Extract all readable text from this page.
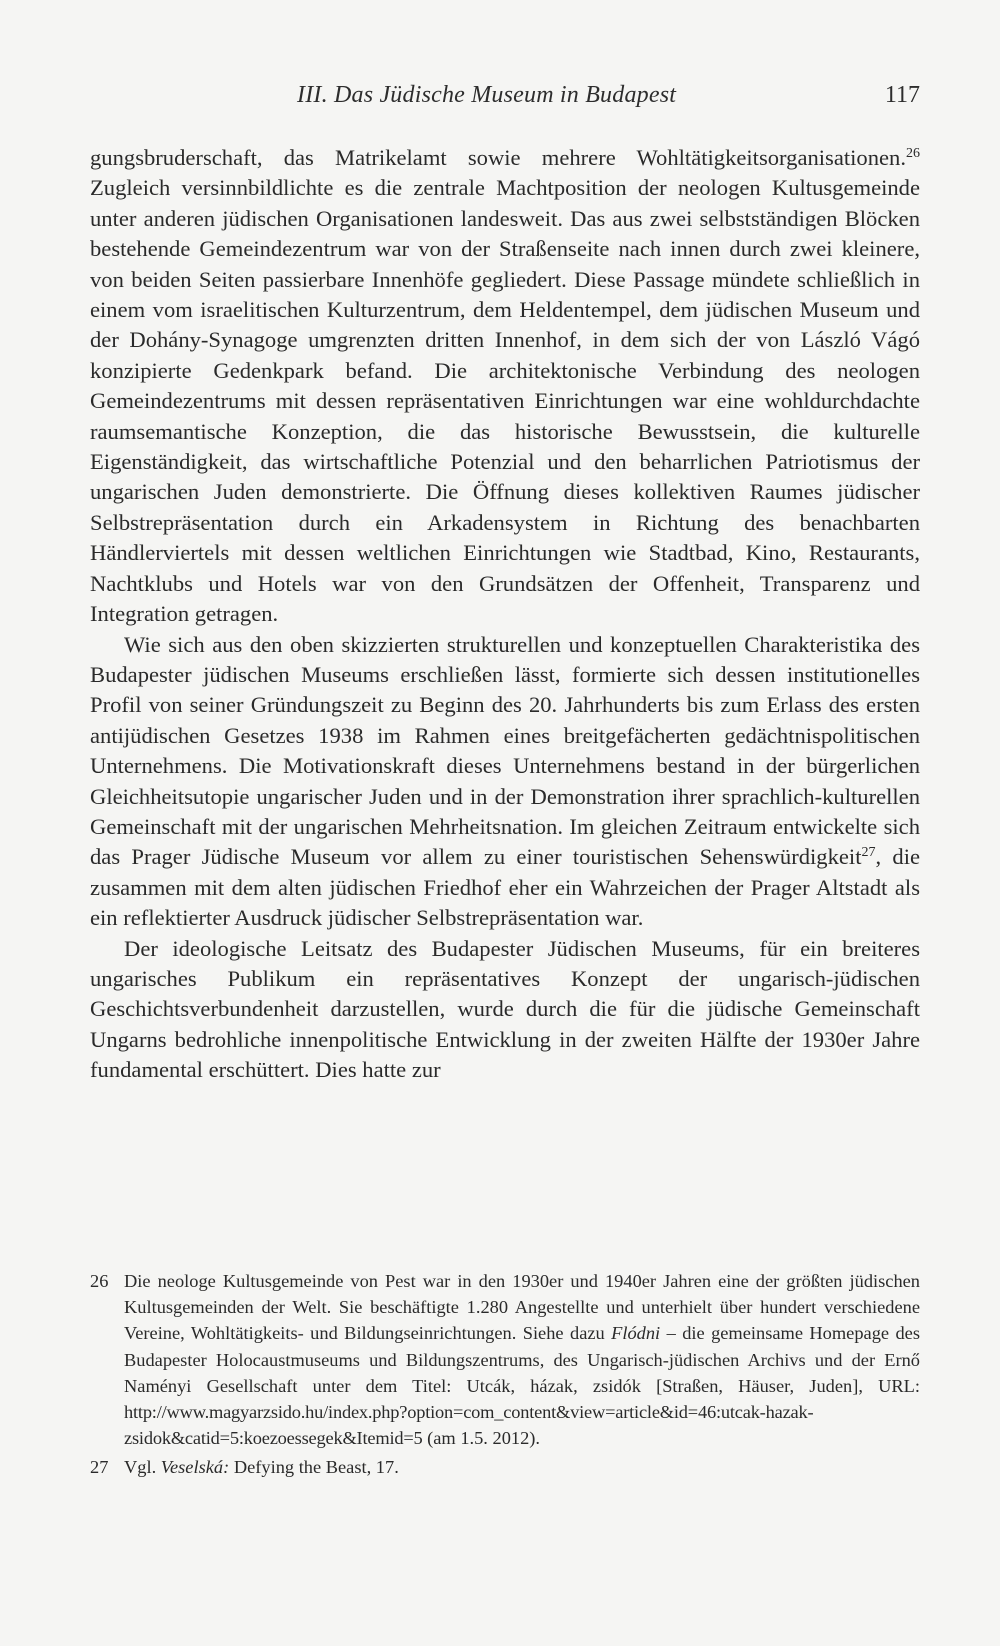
III. Das Jüdische Museum in Budapest	117

gungsbruderschaft, das Matrikelamt sowie mehrere Wohltätigkeitsorganisationen.$^{26}$ Zugleich versinnbildlichte es die zentrale Machtposition der neologen Kultusgemeinde unter anderen jüdischen Organisationen landesweit. Das aus zwei selbstständigen Blöcken bestehende Gemeindezentrum war von der Straßenseite nach innen durch zwei kleinere, von beiden Seiten passierbare Innenhöfe gegliedert. Diese Passage mündete schließlich in einem vom israelitischen Kulturzentrum, dem Heldentempel, dem jüdischen Museum und der Dohány-Synagoge umgrenzten dritten Innenhof, in dem sich der von László Vágó konzipierte Gedenkpark befand. Die architektonische Verbindung des neologen Gemeindezentrums mit dessen repräsentativen Einrichtungen war eine wohldurchdachte raumsemantische Konzeption, die das historische Bewusstsein, die kulturelle Eigenständigkeit, das wirtschaftliche Potenzial und den beharrlichen Patriotismus der ungarischen Juden demonstrierte. Die Öffnung dieses kollektiven Raumes jüdischer Selbstrepräsentation durch ein Arkadensystem in Richtung des benachbarten Händlerviertels mit dessen weltlichen Einrichtungen wie Stadtbad, Kino, Restaurants, Nachtklubs und Hotels war von den Grundsätzen der Offenheit, Transparenz und Integration getragen.

Wie sich aus den oben skizzierten strukturellen und konzeptuellen Charakteristika des Budapester jüdischen Museums erschließen lässt, formierte sich dessen institutionelles Profil von seiner Gründungszeit zu Beginn des 20. Jahrhunderts bis zum Erlass des ersten antijüdischen Gesetzes 1938 im Rahmen eines breitgefächerten gedächtnispolitischen Unternehmens. Die Motivationskraft dieses Unternehmens bestand in der bürgerlichen Gleichheitsutopie ungarischer Juden und in der Demonstration ihrer sprachlich-kulturellen Gemeinschaft mit der ungarischen Mehrheitsnation. Im gleichen Zeitraum entwickelte sich das Prager Jüdische Museum vor allem zu einer touristischen Sehenswürdigkeit$^{27}$, die zusammen mit dem alten jüdischen Friedhof eher ein Wahrzeichen der Prager Altstadt als ein reflektierter Ausdruck jüdischer Selbstrepräsentation war.

Der ideologische Leitsatz des Budapester Jüdischen Museums, für ein breiteres ungarisches Publikum ein repräsentatives Konzept der ungarisch-jüdischen Geschichtsverbundenheit darzustellen, wurde durch die für die jüdische Gemeinschaft Ungarns bedrohliche innenpolitische Entwicklung in der zweiten Hälfte der 1930er Jahre fundamental erschüttert. Dies hatte zur

26 Die neologe Kultusgemeinde von Pest war in den 1930er und 1940er Jahren eine der größten jüdischen Kultusgemeinden der Welt. Sie beschäftigte 1.280 Angestellte und unterhielt über hundert verschiedene Vereine, Wohltätigkeits- und Bildungseinrichtungen. Siehe dazu Flódni – die gemeinsame Homepage des Budapester Holocaustmuseums und Bildungszentrums, des Ungarisch-jüdischen Archivs und der Ernő Naményi Gesellschaft unter dem Titel: Utcák, házak, zsidók [Straßen, Häuser, Juden], URL: http://www.magyarzsido.hu/index.php?option=com_content&view=article&id=46:utcak-hazak-zsidok&catid=5:koezoessegek&Itemid=5 (am 1.5. 2012).
27 Vgl. Veselská: Defying the Beast, 17.
